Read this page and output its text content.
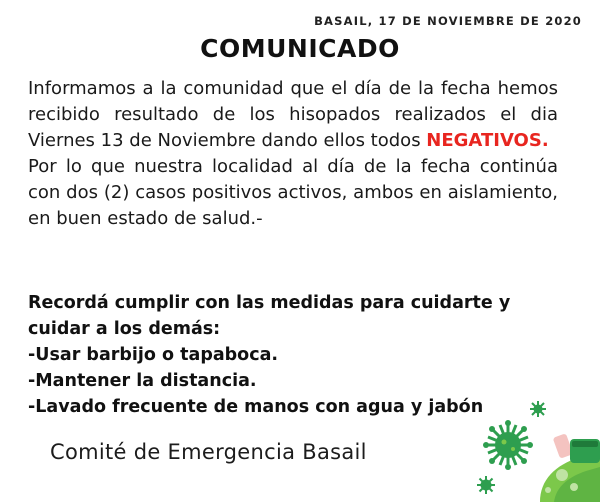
BASAIL, 17 DE NOVIEMBRE DE 2020
COMUNICADO

Informamos a la comunidad que el día de la fecha hemos recibido resultado de los hisopados realizados el dia Viernes 13 de Noviembre dando ellos todos NEGATIVOS.

Por lo que nuestra localidad al día de la fecha continúa con dos (2) casos positivos activos, ambos en aislamiento, en buen estado de salud.-

Recordá cumplir con las medidas para cuidarte y
cuidar a los demás:
-Usar barbijo o tapaboca.
-Mantener la distancia.
-Lavado frecuente de manos con agua y jabón
Comité de Emergencia Basail
